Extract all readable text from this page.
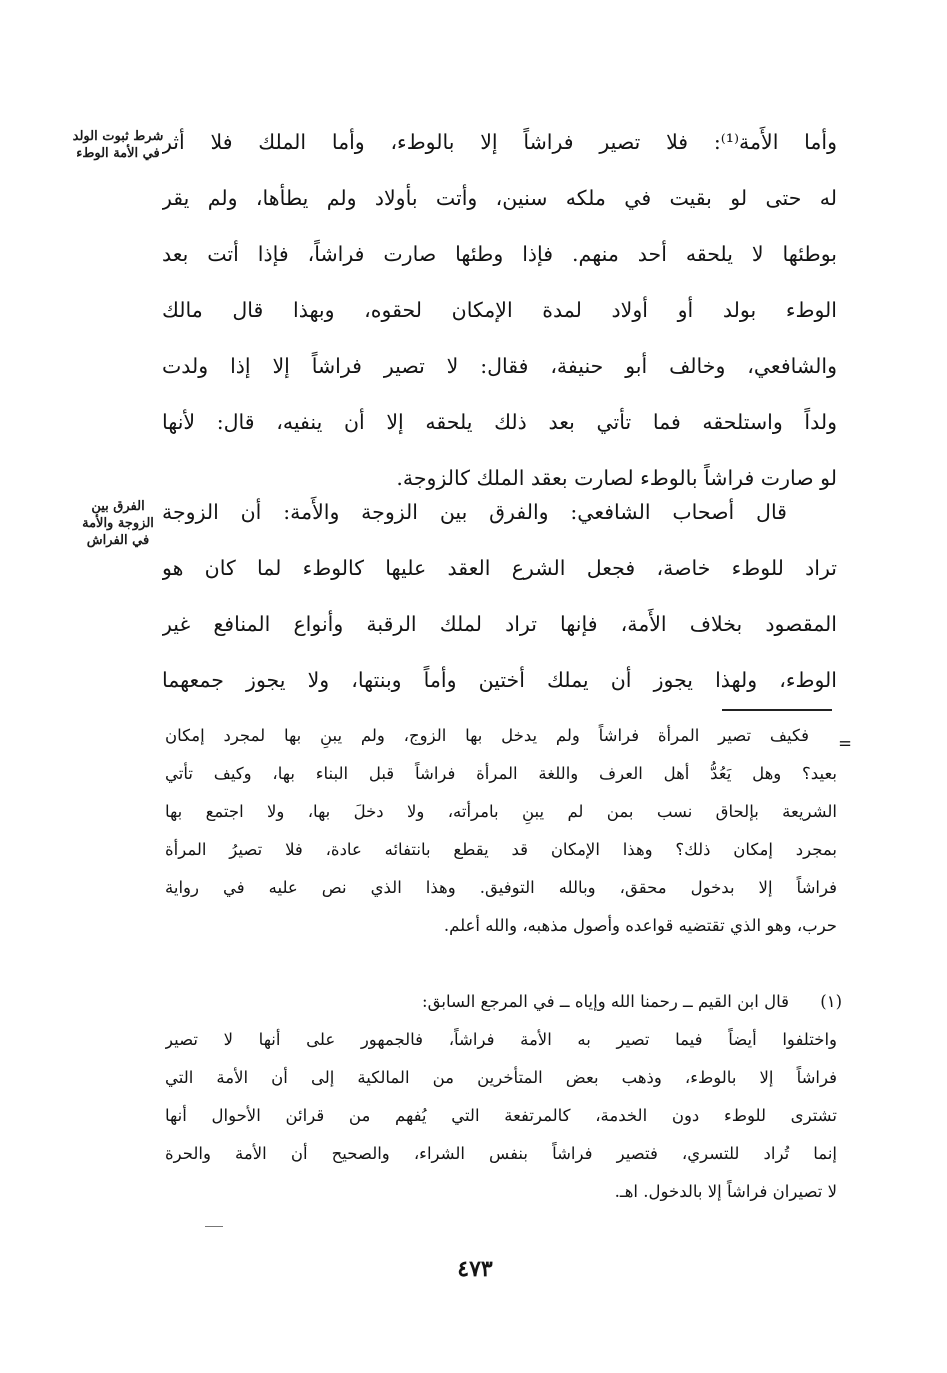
شرط ثبوت الولد
في الأمة الوطء
الفرق بين
الزوجة والأمة
في الفراش
وأما الأَمة⁽¹⁾: فلا تصير فراشاً إلا بالوطء، وأما الملك فلا أثر
له حتى لو بقيت في ملكه سنين، وأتت بأولاد ولم يطأها، ولم يقر
بوطئها لا يلحقه أحد منهم. فإذا وطئها صارت فراشاً، فإذا أتت بعد
الوطء بولد أو أولاد لمدة الإمكان لحقوه، وبهذا قال مالك
والشافعي، وخالف أبو حنيفة، فقال: لا تصير فراشاً إلا إذا ولدت
ولداً واستلحقه فما تأتي بعد ذلك يلحقه إلا أن ينفيه، قال: لأنها
لو صارت فراشاً بالوطء لصارت بعقد الملك كالزوجة.
قال أصحاب الشافعي: والفرق بين الزوجة والأَمة: أن الزوجة
تراد للوطء خاصة، فجعل الشرع العقد عليها كالوطء لما كان هو
المقصود بخلاف الأَمة، فإنها تراد لملك الرقبة وأنواع المنافع غير
الوطء، ولهذا يجوز أن يملك أختين وأماً وبنتها، ولا يجوز جمعهما
=
فكيف تصير المرأة فراشاً ولم يدخل بها الزوج، ولم يبنِ بها لمجرد إمكان
بعيد؟ وهل يَعُدُّ أهل العرف واللغة المرأة فراشاً قبل البناء بها، وكيف تأتي
الشريعة بإلحاق نسب بمن لم يبنِ بامرأته، ولا دخلَ بها، ولا اجتمع بها
بمجرد إمكان ذلك؟ وهذا الإمكان قد يقطع بانتفائه عادة، فلا تصيرُ المرأة
فراشاً إلا بدخول محقق، وبالله التوفيق. وهذا الذي نص عليه في رواية
حرب، وهو الذي تقتضيه قواعده وأصول مذهبه، والله أعلم.
(١)
قال ابن القيم ــ رحمنا الله وإياه ــ في المرجع السابق:
واختلفوا أيضاً فيما تصير به الأمة فراشاً، فالجمهور على أنها لا تصير
فراشاً إلا بالوطء، وذهب بعض المتأخرين من المالكية إلى أن الأمة التي
تشترى للوطء دون الخدمة، كالمرتفعة التي يُفهم من قرائن الأحوال أنها
إنما تُراد للتسري، فتصير فراشاً بنفس الشراء، والصحيح أن الأمة والحرة
لا تصيران فراشاً إلا بالدخول. اهـ.
٤٧٣
